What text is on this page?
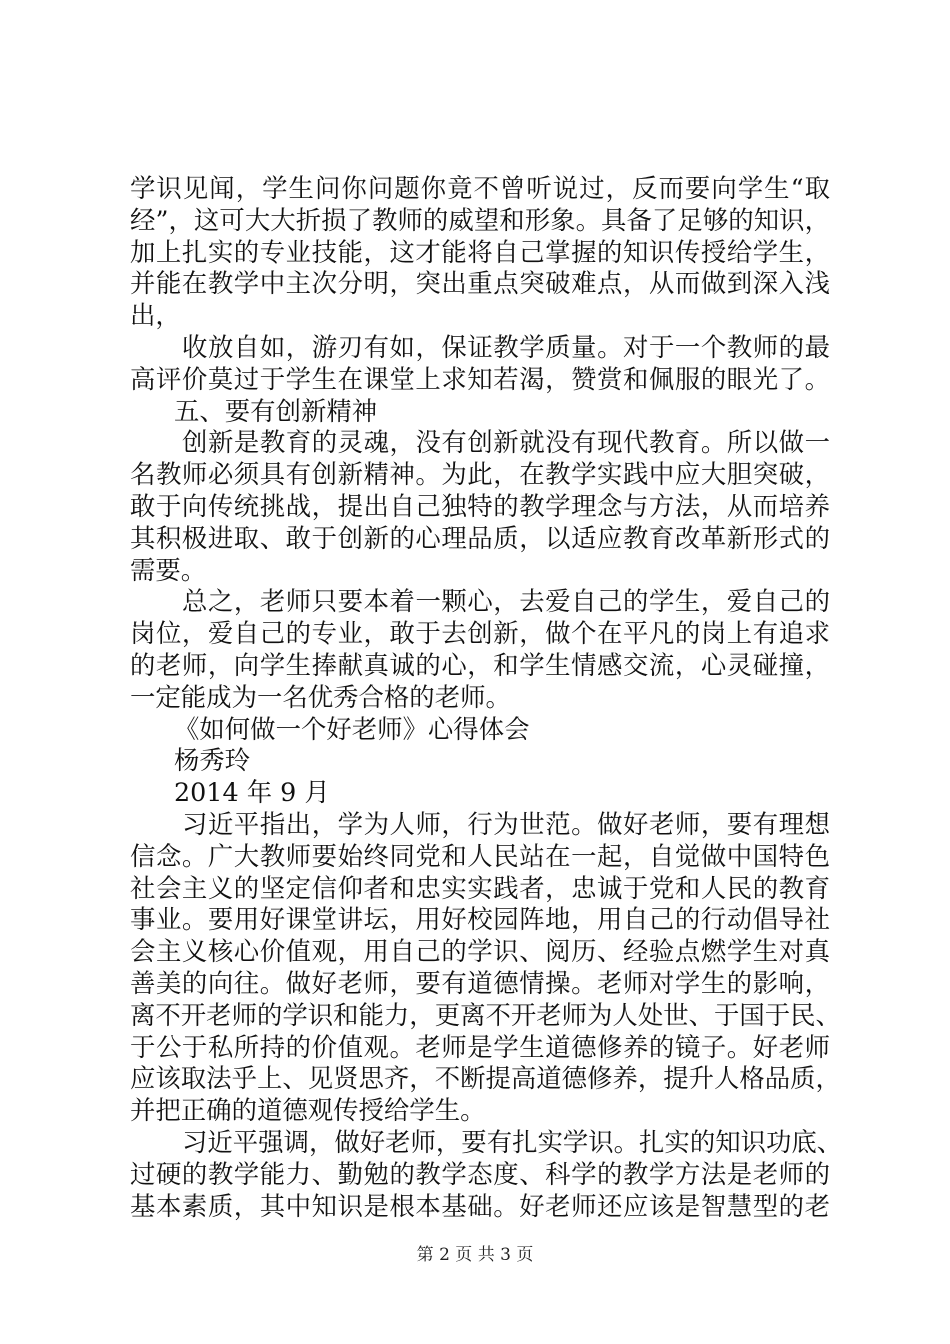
学识见闻，学生问你问题你竟不曾听说过，反而要向学生“取
经”，这可大大折损了教师的威望和形象。具备了足够的知识，
加上扎实的专业技能，这才能将自己掌握的知识传授给学生，
并能在教学中主次分明，突出重点突破难点，从而做到深入浅
出，
收放自如，游刃有如，保证教学质量。对于一个教师的最
高评价莫过于学生在课堂上求知若渴，赞赏和佩服的眼光了。
五、要有创新精神
创新是教育的灵魂，没有创新就没有现代教育。所以做一
名教师必须具有创新精神。为此，在教学实践中应大胆突破，
敢于向传统挑战，提出自己独特的教学理念与方法，从而培养
其积极进取、敢于创新的心理品质，以适应教育改革新形式的
需要。
总之，老师只要本着一颗心，去爱自己的学生，爱自己的
岗位，爱自己的专业，敢于去创新，做个在平凡的岗上有追求
的老师，向学生捧献真诚的心，和学生情感交流，心灵碰撞，
一定能成为一名优秀合格的老师。
《如何做一个好老师》心得体会
杨秀玲
2014 年 9 月
习近平指出，学为人师，行为世范。做好老师，要有理想
信念。广大教师要始终同党和人民站在一起，自觉做中国特色
社会主义的坚定信仰者和忠实实践者，忠诚于党和人民的教育
事业。要用好课堂讲坛，用好校园阵地，用自己的行动倡导社
会主义核心价值观，用自己的学识、阅历、经验点燃学生对真
善美的向往。做好老师，要有道德情操。老师对学生的影响，
离不开老师的学识和能力，更离不开老师为人处世、于国于民、
于公于私所持的价值观。老师是学生道德修养的镜子。好老师
应该取法乎上、见贤思齐，不断提高道德修养，提升人格品质，
并把正确的道德观传授给学生。
习近平强调，做好老师，要有扎实学识。扎实的知识功底、
过硬的教学能力、勤勉的教学态度、科学的教学方法是老师的
基本素质，其中知识是根本基础。好老师还应该是智慧型的老
第 2 页 共 3 页
